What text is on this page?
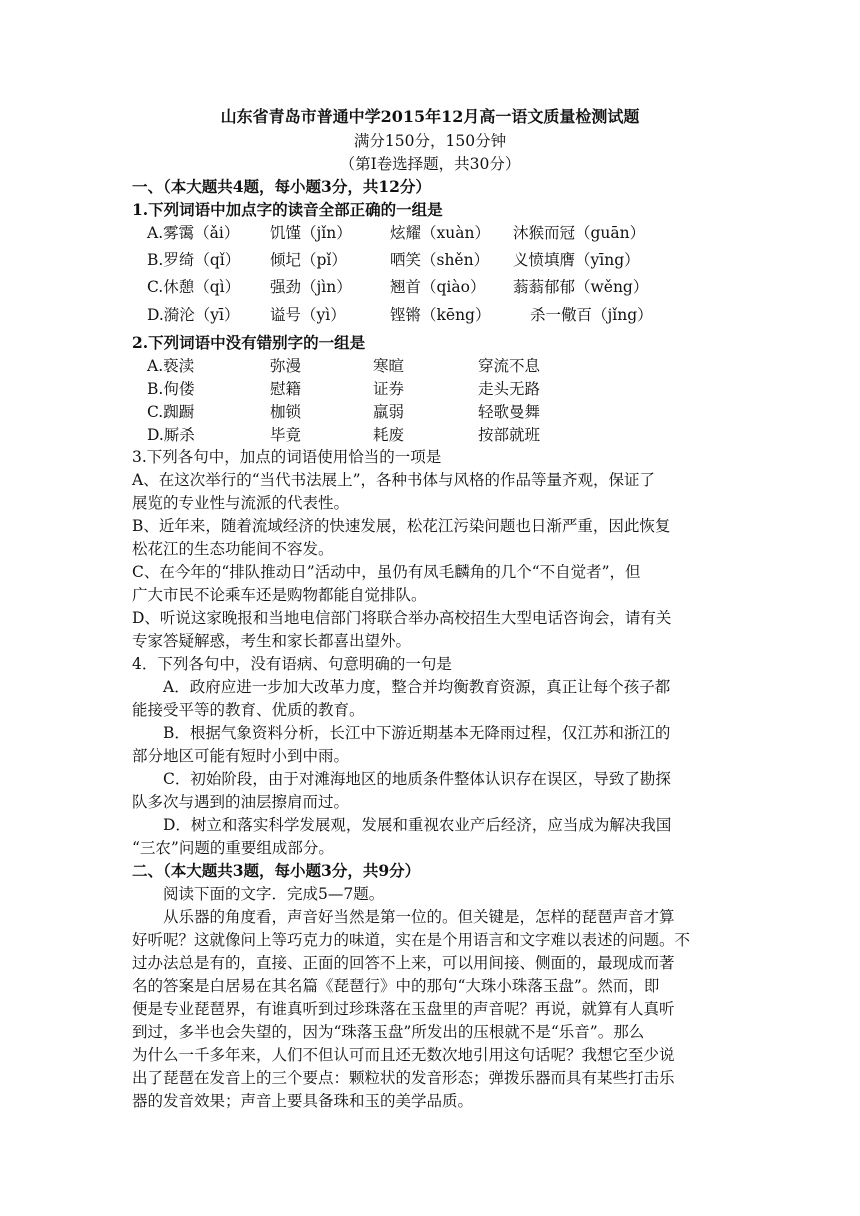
山东省青岛市普通中学2015年12月高一语文质量检测试题
满分150分，150分钟
（第Ⅰ卷选择题，共30分）
一、（本大题共4题，每小题3分，共12分）
1.下列词语中加点字的读音全部正确的一组是
A.雾霭（ǎi） 饥馑（jǐn） 炫耀（xuàn） 沐猴而冠（guān）
B.罗绮（qǐ） 倾圮（pǐ）	哂笑（shěn） 义愤填膺（yīng）
C.休憩（qì） 强劲（jìn） 翘首（qiào） 蓊蓊郁郁（wěng）
D.漪沦（yī） 谥号（yì）	铿锵（kēng）	杀一儆百（jǐng）
2.下列词语中没有错别字的一组是
A.亵渎	弥漫	寒暄	穿流不息
B.佝偻	慰籍	证券	走头无路
C.踟蹰	枷锁	羸弱	轻歌曼舞
D.厮杀	毕竟	耗废	按部就班
3.下列各句中，加点的词语使用恰当的一项是
A、在这次举行的“当代书法展上”，各种书体与风格的作品等量齐观，保证了
展览的专业性与流派的代表性。
B、近年来，随着流域经济的快速发展，松花江污染问题也日渐严重，因此恢复
松花江的生态功能间不容发。
C、在今年的“排队推动日”活动中，虽仍有凤毛麟角的几个“不自觉者”，但
广大市民不论乘车还是购物都能自觉排队。
D、听说这家晚报和当地电信部门将联合举办高校招生大型电话咨询会，请有关
专家答疑解惑，考生和家长都喜出望外。
4．下列各句中，没有语病、句意明确的一句是
A．政府应进一步加大改革力度，整合并均衡教育资源，真正让每个孩子都
能接受平等的教育、优质的教育。
B．根据气象资料分析，长江中下游近期基本无降雨过程，仅江苏和浙江的
部分地区可能有短时小到中雨。
C．初始阶段，由于对滩海地区的地质条件整体认识存在误区，导致了勘探
队多次与遇到的油层擦肩而过。
D．树立和落实科学发展观，发展和重视农业产后经济，应当成为解决我国
“三农”问题的重要组成部分。
二、（本大题共3题，每小题3分，共9分）
阅读下面的文字．完成5—7题。
从乐器的角度看，声音好当然是第一位的。但关键是，怎样的琵琶声音才算
好听呢？这就像问上等巧克力的味道，实在是个用语言和文字难以表述的问题。不
过办法总是有的，直接、正面的回答不上来，可以用间接、侧面的，最现成而著
名的答案是白居易在其名篇《琵琶行》中的那句“大珠小珠落玉盘”。然而，即
便是专业琵琶界，有谁真听到过珍珠落在玉盘里的声音呢？再说，就算有人真听
到过，多半也会失望的，因为“珠落玉盘”所发出的压根就不是“乐音”。那么
为什么一千多年来，人们不但认可而且还无数次地引用这句话呢？我想它至少说
出了琵琶在发音上的三个要点：颗粒状的发音形态；弹拨乐器而具有某些打击乐
器的发音效果；声音上要具备珠和玉的美学品质。
